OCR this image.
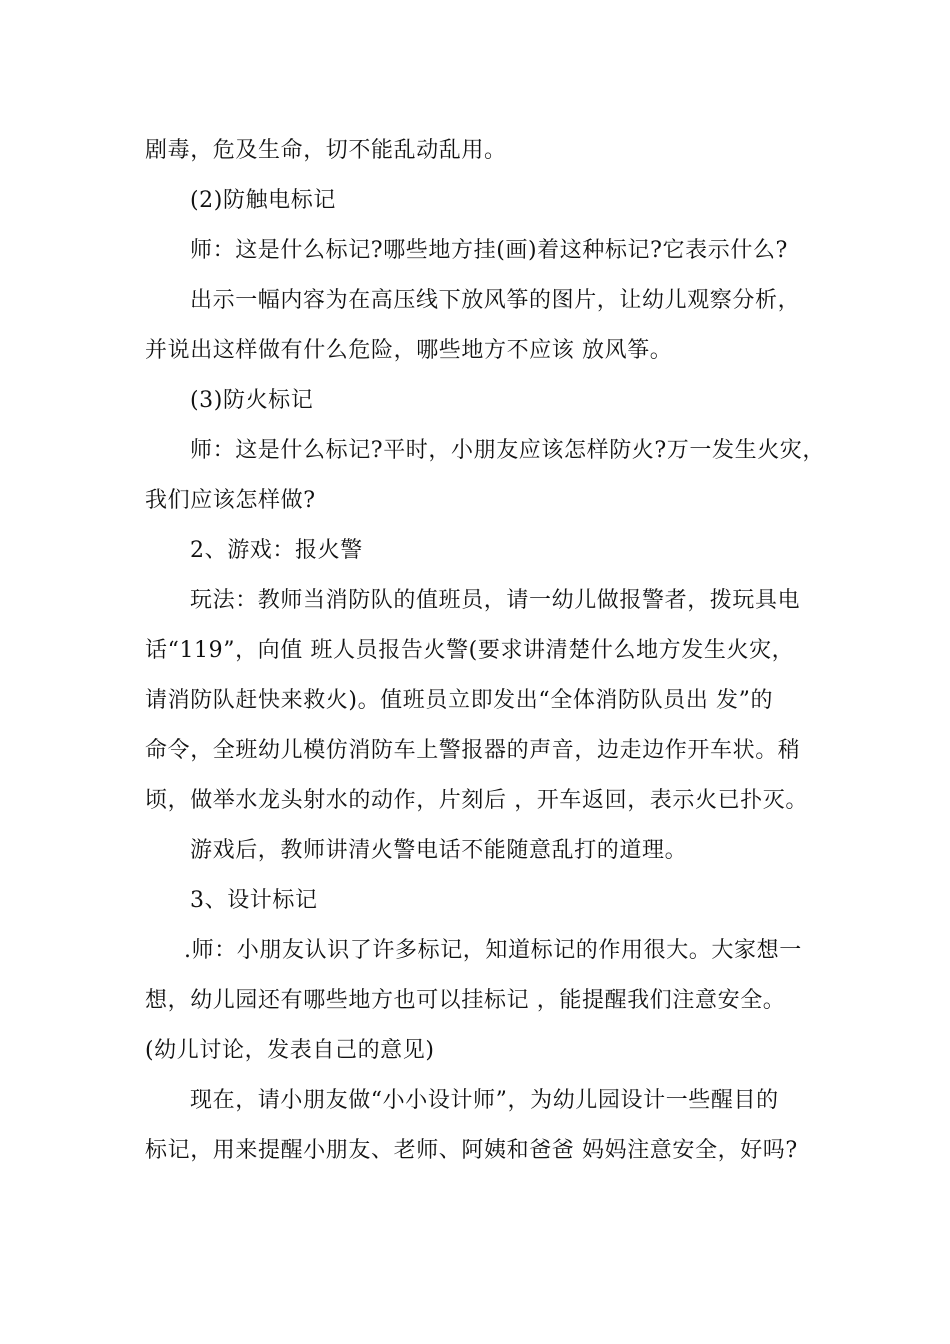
剧毒，危及生命，切不能乱动乱用。
(2)防触电标记
师：这是什么标记?哪些地方挂(画)着这种标记?它表示什么?
出示一幅内容为在高压线下放风筝的图片，让幼儿观察分析，
并说出这样做有什么危险，哪些地方不应该 放风筝。
(3)防火标记
师：这是什么标记?平时，小朋友应该怎样防火?万一发生火灾，
我们应该怎样做?
2、游戏：报火警
玩法：教师当消防队的值班员，请一幼儿做报警者，拨玩具电
话“119”，向值 班人员报告火警(要求讲清楚什么地方发生火灾，
请消防队赶快来救火)。值班员立即发出“全体消防队员出 发”的
命令，全班幼儿模仿消防车上警报器的声音，边走边作开车状。稍
顷，做举水龙头射水的动作，片刻后 ，开车返回，表示火已扑灭。
游戏后，教师讲清火警电话不能随意乱打的道理。
3、设计标记
.师：小朋友认识了许多标记，知道标记的作用很大。大家想一
想，幼儿园还有哪些地方也可以挂标记 ，能提醒我们注意安全。
(幼儿讨论，发表自己的意见)
现在，请小朋友做“小小设计师”，为幼儿园设计一些醒目的
标记，用来提醒小朋友、老师、阿姨和爸爸 妈妈注意安全，好吗?
